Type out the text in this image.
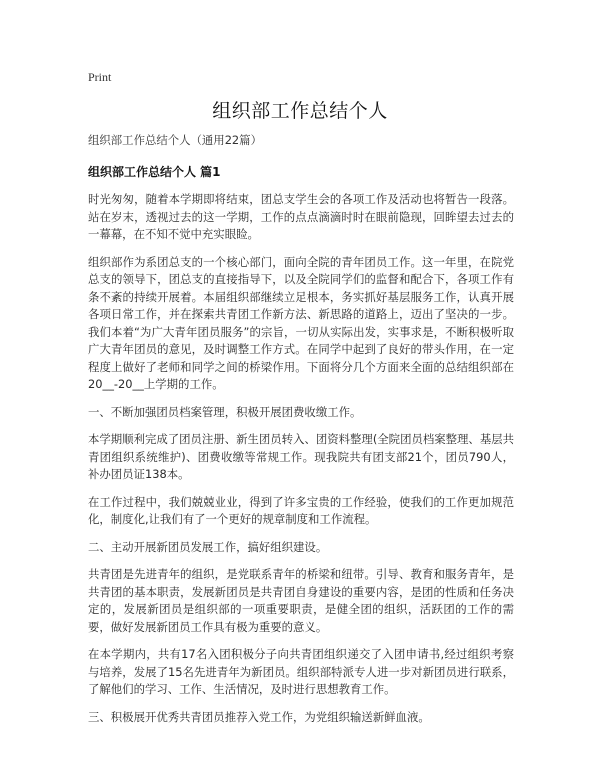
Print
组织部工作总结个人

组织部工作总结个人（通用22篇）

组织部工作总结个人 篇1

时光匆匆，随着本学期即将结束，团总支学生会的各项工作及活动也将暂告一段落。站在岁末，透视过去的这一学期，工作的点点滴滴时时在眼前隐现，回眸望去过去的一幕幕，在不知不觉中充实眼睑。

组织部作为系团总支的一个核心部门，面向全院的青年团员工作。这一年里，在院党总支的领导下，团总支的直接指导下，以及全院同学们的监督和配合下，各项工作有条不紊的持续开展着。本届组织部继续立足根本，务实抓好基层服务工作，认真开展各项日常工作，并在探索共青团工作新方法、新思路的道路上，迈出了坚决的一步。我们本着“为广大青年团员服务”的宗旨，一切从实际出发，实事求是，不断积极听取广大青年团员的意见，及时调整工作方式。在同学中起到了良好的带头作用，在一定程度上做好了老师和同学之间的桥梁作用。下面将分几个方面来全面的总结组织部在20__-20__上学期的工作。

一、不断加强团员档案管理，积极开展团费收缴工作。

本学期顺利完成了团员注册、新生团员转入、团资料整理(全院团员档案整理、基层共青团组织系统维护)、团费收缴等常规工作。现我院共有团支部21个，团员790人，补办团员证138本。

在工作过程中，我们兢兢业业，得到了许多宝贵的工作经验，使我们的工作更加规范化，制度化,让我们有了一个更好的规章制度和工作流程。

二、主动开展新团员发展工作，搞好组织建设。

共青团是先进青年的组织，是党联系青年的桥梁和纽带。引导、教育和服务青年，是共青团的基本职责，发展新团员是共青团自身建设的重要内容，是团的性质和任务决定的，发展新团员是组织部的一项重要职责，是健全团的组织，活跃团的工作的需要，做好发展新团员工作具有极为重要的意义。

在本学期内，共有17名入团积极分子向共青团组织递交了入团申请书,经过组织考察与培养，发展了15名先进青年为新团员。组织部特派专人进一步对新团员进行联系，了解他们的学习、工作、生活情况，及时进行思想教育工作。

三、积极展开优秀共青团员推荐入党工作，为党组织输送新鲜血液。
